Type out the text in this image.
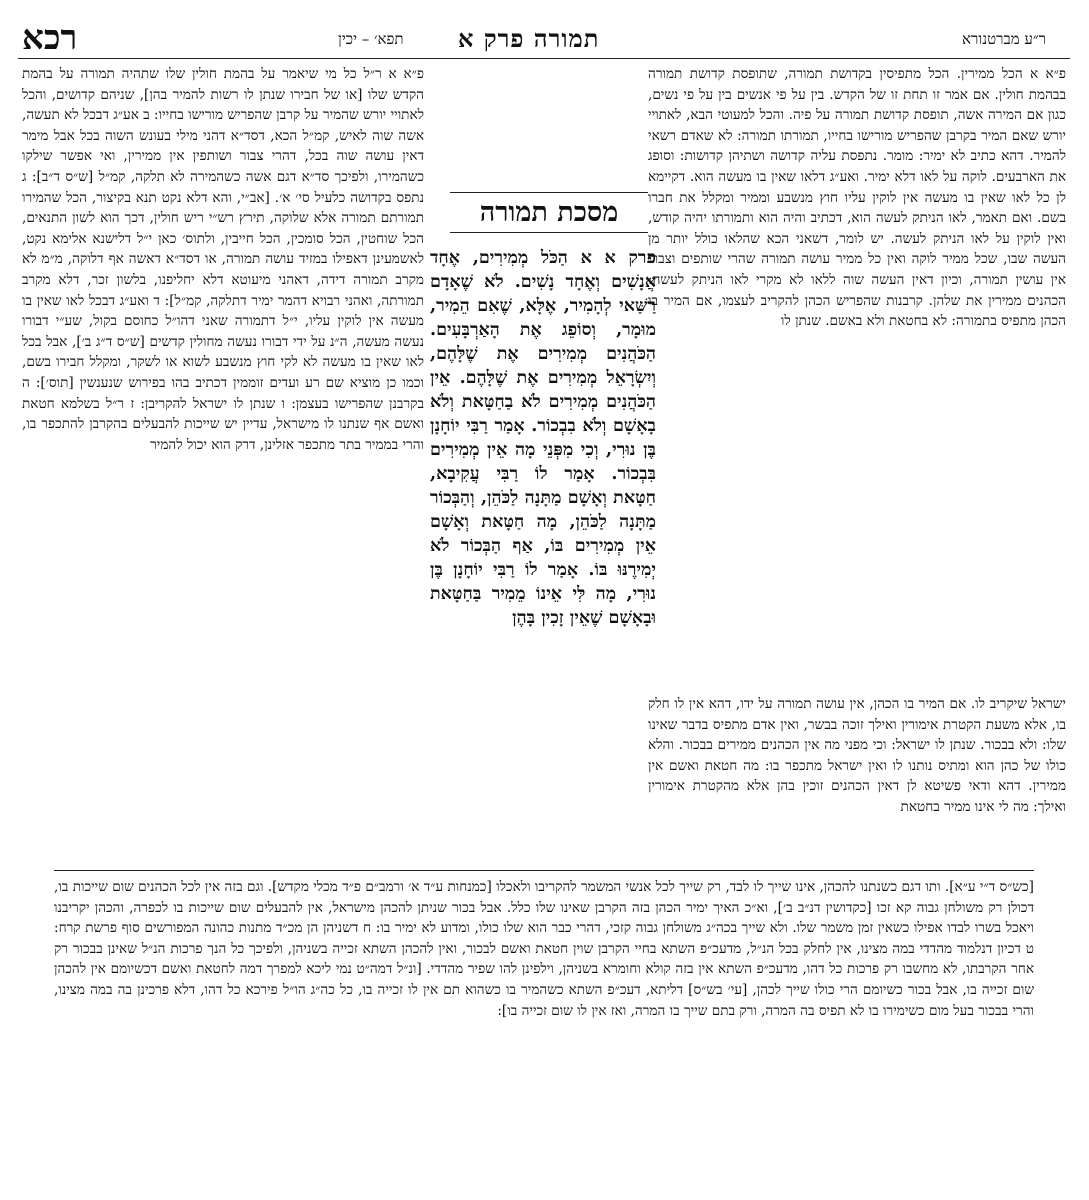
רכא	תפא׳ – יכין תמורה פרק א	ר״ע מברטנורא

פ״א א הכל ממירין. הכל מתפיסין בקדושת תמורה, שתופסת קדושת תמורה בבהמת חולין. אם אמר זו תחת זו של הקדש. בין על פי אנשים בין על פי נשים, כגון אם המירה אשה, תופסת קדושת תמורה על פיה. והכל למעוטי הבא, לאתויי יורש שאם המיר בקרבן שהפריש מורישו בחייו, תמורתו תמורה: לא שאדם רשאי להמיר. דהא כתיב לא ימיר: מומר. נתפסת עליה קדושה ושתיהן קדושות: וסופג את הארבעים. לוקה על לאו דלא ימיר. ואע״ג דלאו שאין בו מעשה הוא. דקיימא לן כל לאו שאין בו מעשה אין לוקין עליו חוץ מנשבע וממיר ומקלל את חברו בשם. ואם תאמר, לאו הניתק לעשה הוא, דכתיב והיה הוא ותמורתו יהיה קודש, ואין לוקין על לאו הניתק לעשה. יש לומר, דשאני הכא שהלאו כולל יותר מן העשה שבו, שכל ממיר לוקה ואין כל ממיר עושה תמורה שהרי שותפים וצבור אין עושין תמורה, וכיון דאין העשה שוה ללאו לא מקרי לאו הניתק לעשה: הכהנים ממירין את שלהן. קרבנות שהפריש הכהן להקריב לעצמו, אם המיר בו הכהן מתפיס בתמורה: לא בחטאת ולא באשם. שנתן לו

ישראל שיקריב לו. אם המיר בו הכהן, אין עושה תמורה על ידו, דהא אין לו חלק בו, אלא משעת הקטרת אימורין ואילך זוכה בבשר, ואין אדם מתפיס בדבר שאינו שלו: ולא בבכור. שנתן לו ישראל: וכי מפני מה אין הכהנים ממירים בבכור. והלא כולו של כהן הוא ומתיס נותנו לו ואין ישראל מתכפר בו: מה חטאת ואשם אין ממירין. דהא ודאי פשיטא לן דאין הכהנים זוכין בהן אלא מהקטרת אימורין ואילך: מה לי אינו ממיר בחטאת

מסכת תמורה
פרק א א הַכֹּל מְמִירִים, אֶחָד אֲנָשִׁים וְאֶחָד נָשִׁים. לֹא שֶׁאָדָם רַשַּׁאי לְהָמִיר, אֶלָּא, שֶׁאִם הֵמִיר, מוּמָר, וְסוֹפֵג אֶת הָאַרְבָּעִים. הַכֹּהֲנִים מְמִירִים אֶת שֶׁלָּהֶם, וְיִשְׂרָאֵל מְמִירִים אֶת שֶׁלָּהֶם. אֵין הַכֹּהֲנִים מְמִירִים לֹא בַחַטָּאת וְלֹא בָאָשָׁם וְלֹא בִבְכוֹר. אָמַר רַבִּי יוֹחָנָן בֶּן נוּרִי, וְכִי מִפְּנֵי מָה אֵין מְמִירִים בִּבְכוֹר. אָמַר לוֹ רַבִּי עֲקִיבָא, חַטָּאת וְאָשָׁם מַתָּנָה לַכֹּהֵן, וְהַבְּכוֹר מַתָּנָה לַכֹּהֵן, מָה חַטָּאת וְאָשָׁם אֵין מְמִירִים בּוֹ, אַף הַבְּכוֹר לֹא יְמִירֶנּוּ בּוֹ. אָמַר לוֹ רַבִּי יוֹחָנָן בֶּן נוּרִי, מָה לִּי אֵינוֹ מֵמִיר בַּחַטָּאת וּבָאָשָׁם שֶׁאֵין זָכִין בָּהֶן

פ״א א ר״ל כל מי שיאמר על בהמת חולין שלו שתהיה תמורה על בהמת הקדש שלו [או של חבירו שנתן לו רשות להמיר בהן], שניהם קדושים, והכל לאתויי יורש שהמיר על קרבן שהפריש מורישו בחייו: ב אע״ג דבכל לא תעשה, אשה שוה לאיש, קמ״ל הכא, דסד״א דהני מילי בעונש השוה בכל אבל מימר דאין עושה שוה בכל, דהרי צבור ושותפין אין ממירין, ואי אפשר שילקו כשהמירו, ולפיכך סד״א דגם אשה כשהמירה לא תלקה, קמ״ל [ש״ס ד״ב]: ג נתפס בקדושה כלעיל סי׳ א׳. [אב״י, והא דלא נקט תנא בקיצור, הכל שהמירו תמורתם תמורה אלא שלוקה, תירץ רש״י ריש חולין, דכך הוא לשון התנאים, הכל שוחטין, הכל סומכין, הכל חייבין, ולתוס׳ כאן י״ל דלישנא אלימא נקט, לאשמעינן דאפילו במזיד עושה תמורה, או דסד״א דאשה אף דלוקה, מ״מ לא מקרב תמורה דידה, דאהני מיעוטא דלא יחליפנו, בלשון זכר, דלא מקרב תמורתה, ואהני רבויא דהמר ימיר דתלקה, קמ״ל]: ד ואע״ג דבכל לאו שאין בו מעשה אין לוקין עליו, י״ל דתמורה שאני דהו״ל כחוסם בקול, שע״י דבורו נעשה מעשה, ה״נ על ידי דבורו נעשה מחולין קדשים [ש״ס ד״ג ב׳], אבל בכל לאו שאין בו מעשה לא לקי חוץ מנשבע לשוא או לשקר, ומקלל חבירו בשם, וכמו כן מוציא שם רע ועדים זוממין דכתיב בהו בפירוש שנענשין [תוס׳]: ה בקרבנן שהפרישו בעצמן: ו שנתן לו ישראל להקריבן: ז ר״ל בשלמא חטאת ואשם אף שנתנו לו מישראל, עדיין יש שייכות להבעלים בהקרבן להתכפר בו, והרי בממיר בתר מתכפר אזלינן, דרק הוא יכול להמיר

[כש״ס ד״י ע״א]. ותו דגם כשנתנו להכהן, אינו שייך לו לבד, רק שייך לכל אנשי המשמר להקריבו ולאכלו [כמנחות ע״ד א׳ ורמב״ם פ״ד מכלי מקדש]. וגם בזה אין לכל הכהנים שום שייכות בו, דכולן רק משולחן גבוה קא זכו [כקדושין דנ״ב ב׳], וא״כ האיך ימיר הכהן בזה הקרבן שאינו שלו כלל. אבל בכור שניתן להכהן מישראל, אין להבעלים שום שייכות בו לכפרה, והכהן יקריבנו ויאכל בשרו לבדו אפילו כשאין זמן משמר שלו. ולא שייך בכה״ג משולחן גבוה קזכי, דהרי כבר הוא שלו כולו, ומדוע לא ימיר בו: ח דשניהן הן מכ״ד מתנות כהונה המפורשים סוף פרשת קרח: ט דכיון דנלמוד מהדדי במה מצינו, אין לחלק בכל הנ״ל, מדעכ״פ השתא בחיי הקרבן שוין חטאת ואשם לבכור, ואין להכהן השתא זכייה בשניהן, ולפיכך כל הנך פרכות הנ״ל שאינן בבכור רק אחר הקרבתו, לא מחשבו רק פרכות כל דהו, מדעכ״פ השתא אין בזה קולא וחומרא בשניהן, וילפינן להו שפיר מהדדי. [ונ״ל דמה״ט נמי ליכא למפרך דמה לחטאת ואשם דכשיומם אין להכהן שום זכייה בו, אבל בכור כשיומם הרי כולו שייך לכהן, [עי׳ בש״ס] דליתא, דעכ״פ השתא כשהמיר בו כשהוא תם אין לו זכייה בו, כל כה״ג הו״ל פירכא כל דהו, דלא פרכינן בה במה מצינו, והרי בבכור בעל מום כשימירו בו לא תפיס בה המרה, ורק בתם שייך בו המרה, ואז אין לו שום זכייה בו]:
